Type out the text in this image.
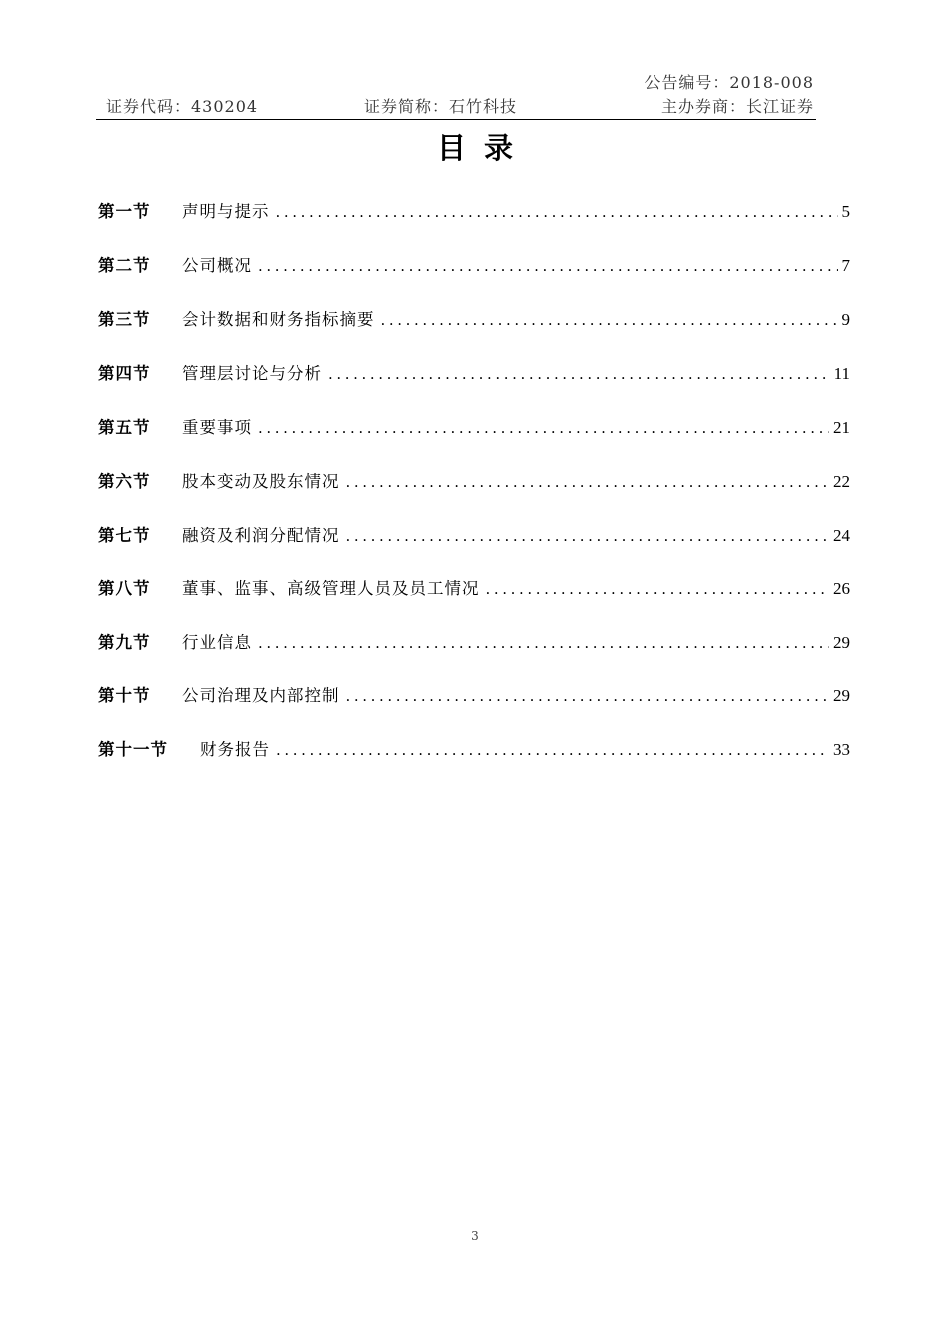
公告编号：2018-008
证券代码：430204	证券简称：石竹科技	主办券商：长江证券
目录
第一节	声明与提示 .....	5
第二节	公司概况 .....	7
第三节	会计数据和财务指标摘要 .....	9
第四节	管理层讨论与分析 .....	11
第五节	重要事项 .....	21
第六节	股本变动及股东情况 .....	22
第七节	融资及利润分配情况 .....	24
第八节	董事、监事、高级管理人员及员工情况 .....	26
第九节	行业信息 .....	29
第十节	公司治理及内部控制 .....	29
第十一节	财务报告 .....	33
3
